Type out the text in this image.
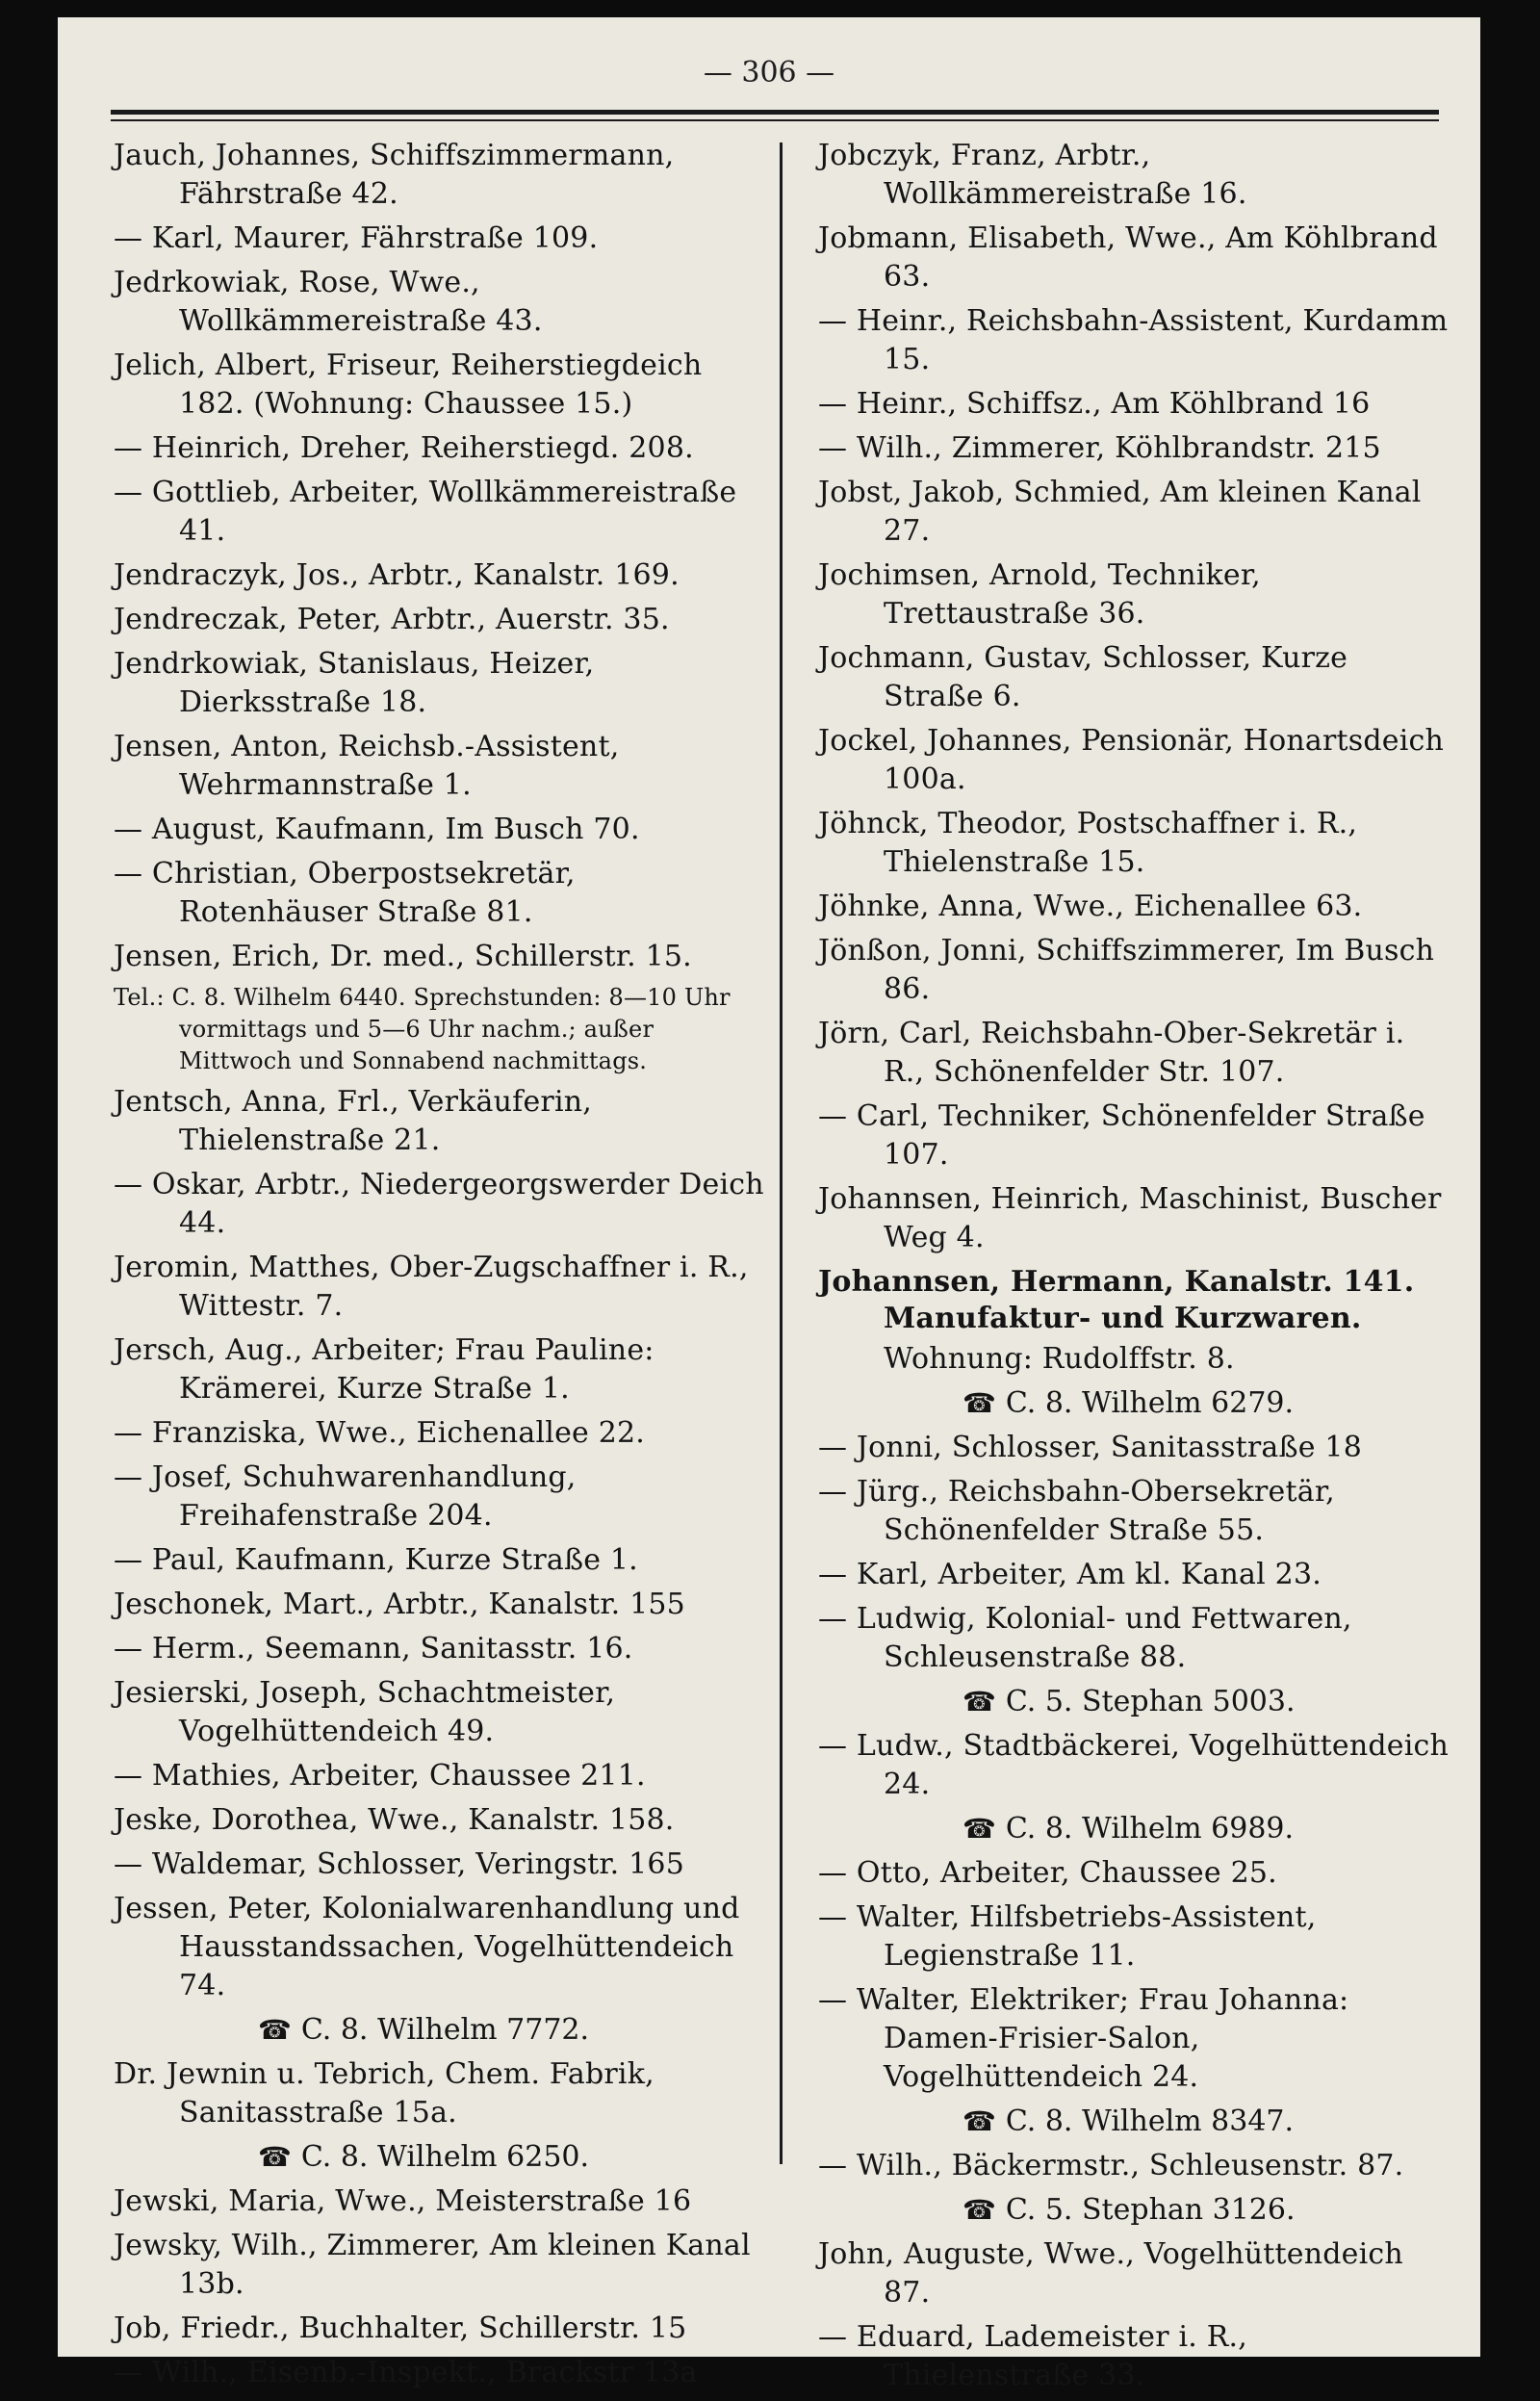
— 306 —
Jauch, Johannes, Schiffszimmermann, Fährstraße 42.
— Karl, Maurer, Fährstraße 109.
Jedrkowiak, Rose, Wwe., Wollkämmereistraße 43.
Jelich, Albert, Friseur, Reiherstiegdeich 182. (Wohnung: Chaussee 15.)
— Heinrich, Dreher, Reiherstiegd. 208.
— Gottlieb, Arbeiter, Wollkämmereistraße 41.
Jendraczyk, Jos., Arbtr., Kanalstr. 169.
Jendreczak, Peter, Arbtr., Auerstr. 35.
Jendrkowiak, Stanislaus, Heizer, Dierksstraße 18.
Jensen, Anton, Reichsb.-Assistent, Wehrmannstraße 1.
— August, Kaufmann, Im Busch 70.
— Christian, Oberpostsekretär, Rotenhäuser Straße 81.
Jensen, Erich, Dr. med., Schillerstr. 15.
Tel.: C. 8. Wilhelm 6440. Sprechstunden: 8—10 Uhr vormittags und 5—6 Uhr nachm.; außer Mittwoch und Sonnabend nachmittags.
Jentsch, Anna, Frl., Verkäuferin, Thielenstraße 21.
— Oskar, Arbtr., Niedergeorgswerder Deich 44.
Jeromin, Matthes, Ober-Zugschaffner i. R., Wittestr. 7.
Jersch, Aug., Arbeiter; Frau Pauline: Krämerei, Kurze Straße 1.
— Franziska, Wwe., Eichenallee 22.
— Josef, Schuhwarenhandlung, Freihafenstraße 204.
— Paul, Kaufmann, Kurze Straße 1.
Jeschonek, Mart., Arbtr., Kanalstr. 155
— Herm., Seemann, Sanitasstr. 16.
Jesierski, Joseph, Schachtmeister, Vogelhüttendeich 49.
— Mathies, Arbeiter, Chaussee 211.
Jeske, Dorothea, Wwe., Kanalstr. 158.
— Waldemar, Schlosser, Veringstr. 165
Jessen, Peter, Kolonialwarenhandlung und Hausstandssachen, Vogelhüttendeich 74.
☎ C. 8. Wilhelm 7772.
Dr. Jewnin u. Tebrich, Chem. Fabrik, Sanitasstraße 15a.
☎ C. 8. Wilhelm 6250.
Jewski, Maria, Wwe., Meisterstraße 16
Jewsky, Wilh., Zimmerer, Am kleinen Kanal 13b.
Job, Friedr., Buchhalter, Schillerstr. 15
— Wilh., Eisenb.-Inspekt., Brackstr 13a
Jobczyk, Franz, Arbtr., Wollkämmereistraße 16.
Jobmann, Elisabeth, Wwe., Am Köhlbrand 63.
— Heinr., Reichsbahn-Assistent, Kurdamm 15.
— Heinr., Schiffsz., Am Köhlbrand 16
— Wilh., Zimmerer, Köhlbrandstr. 215
Jobst, Jakob, Schmied, Am kleinen Kanal 27.
Jochimsen, Arnold, Techniker, Trettaustraße 36.
Jochmann, Gustav, Schlosser, Kurze Straße 6.
Jockel, Johannes, Pensionär, Honartsdeich 100a.
Jöhnck, Theodor, Postschaffner i. R., Thielenstraße 15.
Jöhnke, Anna, Wwe., Eichenallee 63.
Jönßon, Jonni, Schiffszimmerer, Im Busch 86.
Jörn, Carl, Reichsbahn-Ober-Sekretär i. R., Schönenfelder Str. 107.
— Carl, Techniker, Schönenfelder Straße 107.
Johannsen, Heinrich, Maschinist, Buscher Weg 4.
Johannsen, Hermann, Kanalstr. 141.
Manufaktur- und Kurzwaren.
Wohnung: Rudolffstr. 8.
☎ C. 8. Wilhelm 6279.
— Jonni, Schlosser, Sanitasstraße 18
— Jürg., Reichsbahn-Obersekretär, Schönenfelder Straße 55.
— Karl, Arbeiter, Am kl. Kanal 23.
— Ludwig, Kolonial- und Fettwaren, Schleusenstraße 88.
☎ C. 5. Stephan 5003.
— Ludw., Stadtbäckerei, Vogelhüttendeich 24.
☎ C. 8. Wilhelm 6989.
— Otto, Arbeiter, Chaussee 25.
— Walter, Hilfsbetriebs-Assistent, Legienstraße 11.
— Walter, Elektriker; Frau Johanna: Damen-Frisier-Salon, Vogelhüttendeich 24.
☎ C. 8. Wilhelm 8347.
— Wilh., Bäckermstr., Schleusenstr. 87.
☎ C. 5. Stephan 3126.
John, Auguste, Wwe., Vogelhüttendeich 87.
— Eduard, Lademeister i. R., Thielenstraße 33.
